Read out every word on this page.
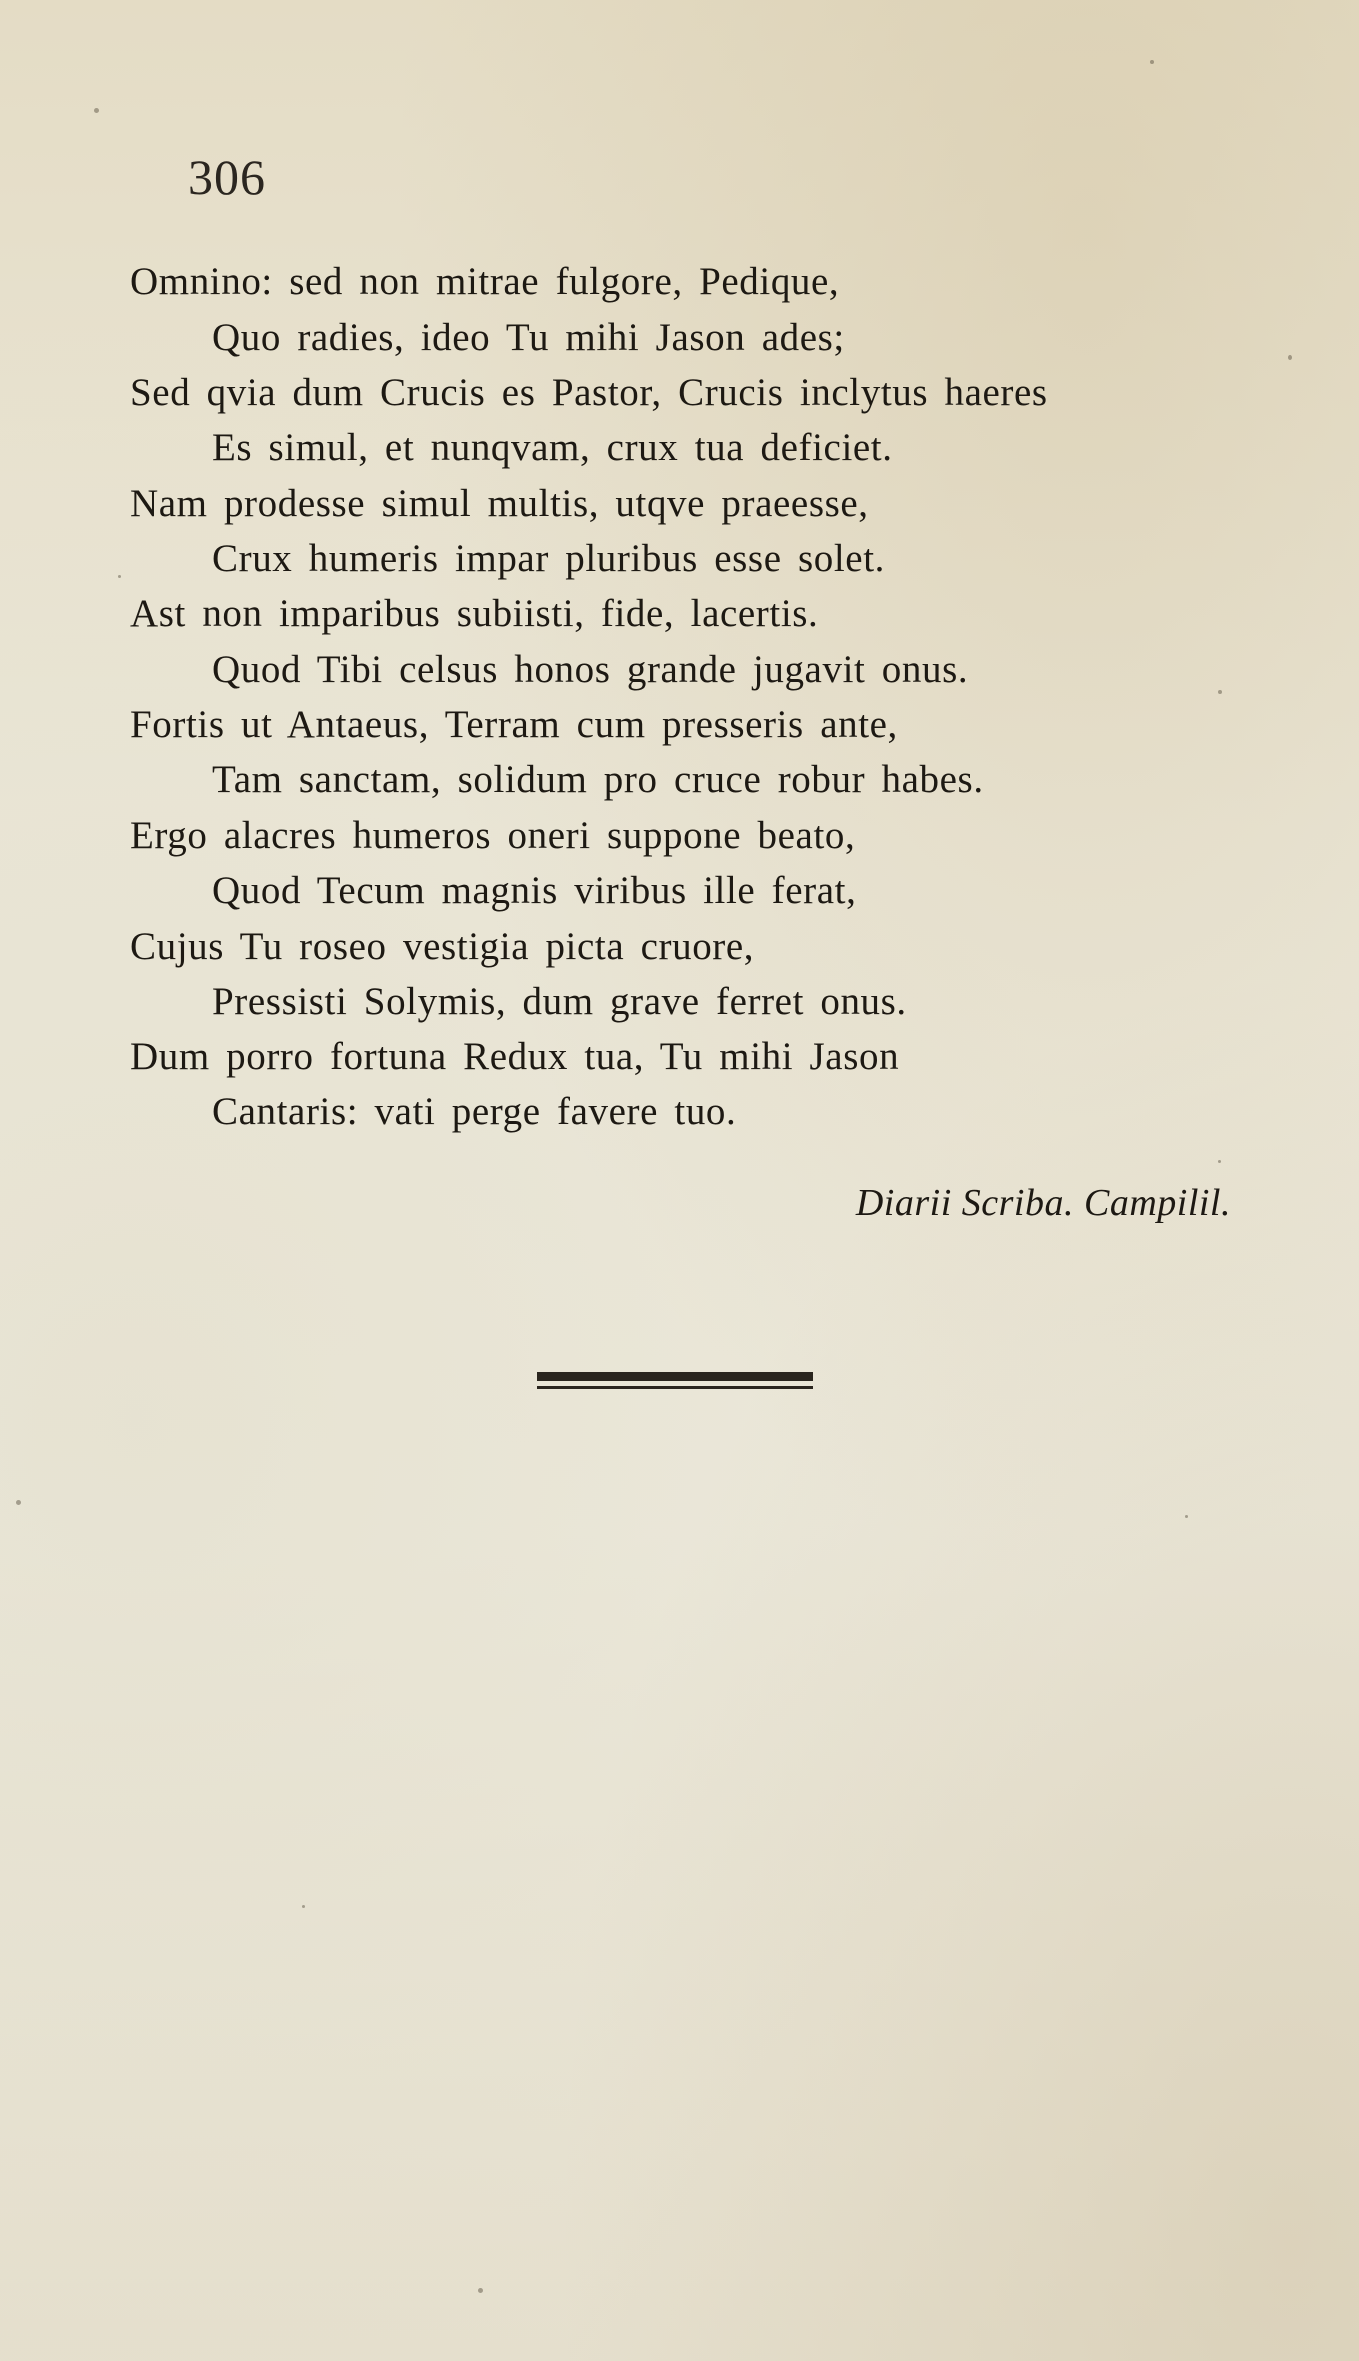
306
Omnino: sed non mitrae fulgore, Pedique,
Quo radies, ideo Tu mihi Jason ades;
Sed qvia dum Crucis es Pastor, Crucis inclytus haeres
Es simul, et nunqvam, crux tua deficiet.
Nam prodesse simul multis, utqve praeesse,
Crux humeris impar pluribus esse solet.
Ast non imparibus subiisti, fide, lacertis.
Quod Tibi celsus honos grande jugavit onus.
Fortis ut Antaeus, Terram cum presseris ante,
Tam sanctam, solidum pro cruce robur habes.
Ergo alacres humeros oneri suppone beato,
Quod Tecum magnis viribus ille ferat,
Cujus Tu roseo vestigia picta cruore,
Pressisti Solymis, dum grave ferret onus.
Dum porro fortuna Redux tua, Tu mihi Jason
Cantaris: vati perge favere tuo.
Diarii Scriba. Campilil.
